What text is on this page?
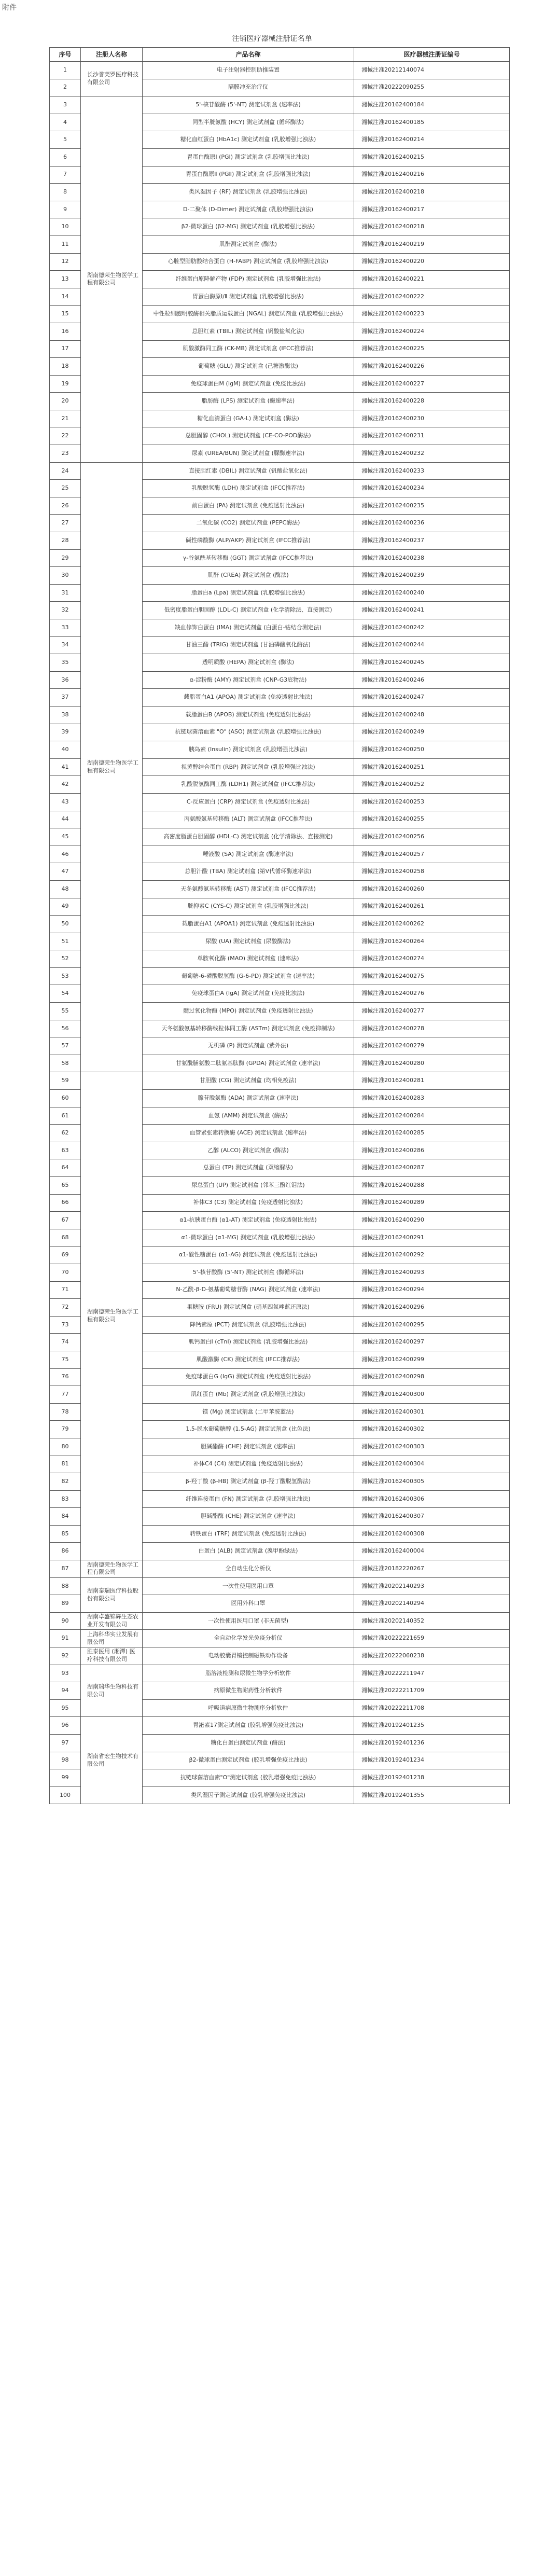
附件
注销医疗器械注册证名单
序号	注册人名称	产品名称	医疗器械注册证编号
1	长沙誉芙罗医疗科技有限公司	电子注射器控制助推装置	湘械注准20212140074
2		隔膜冲充治疗仪	湘械注准20222090255
3	湖南德荣生物医学工程有限公司	5'-核苷酸酶 (5'-NT) 测定试剂盒 (速率法)	湘械注准20162400184
4		同型半胱氨酸 (HCY) 测定试剂盒 (循环酶法)	湘械注准20162400185
5		糖化血红蛋白 (HbA1c) 测定试剂盒 (乳胶增强比浊法)	湘械注准20162400214
6		胃蛋白酶原Ⅰ (PGⅠ) 测定试剂盒 (乳胶增强比浊法)	湘械注准20162400215
7		胃蛋白酶原Ⅱ (PGⅡ) 测定试剂盒 (乳胶增强比浊法)	湘械注准20162400216
8		类风湿因子 (RF) 测定试剂盒 (乳胶增强比浊法)	湘械注准20162400218
9		D-二聚体 (D-Dimer) 测定试剂盒 (乳胶增强比浊法)	湘械注准20162400217
10		β2-微球蛋白 (β2-MG) 测定试剂盒 (乳胶增强比浊法)	湘械注准20162400218
11		肌酐测定试剂盒 (酶法)	湘械注准20162400219
12		心脏型脂肪酸结合蛋白 (H-FABP) 测定试剂盒 (乳胶增强比浊法)	湘械注准20162400220
13		纤维蛋白原降解产物 (FDP) 测定试剂盒 (乳胶增强比浊法)	湘械注准20162400221
14		胃蛋白酶原Ⅰ/Ⅱ 测定试剂盒 (乳胶增强比浊法)	湘械注准20162400222
15		中性粒细胞明胶酶相关脂质运载蛋白 (NGAL) 测定试剂盒 (乳胶增强比浊法)	湘械注准20162400223
16		总胆红素 (TBIL) 测定试剂盒 (钒酸盐氧化法)	湘械注准20162400224
17		肌酸激酶同工酶 (CK-MB) 测定试剂盒 (IFCC推荐法)	湘械注准20162400225
18		葡萄糖 (GLU) 测定试剂盒 (己糖激酶法)	湘械注准20162400226
19		免疫球蛋白M (IgM) 测定试剂盒 (免疫比浊法)	湘械注准20162400227
20		脂肪酶 (LPS) 测定试剂盒 (酶速率法)	湘械注准20162400228
21		糖化血清蛋白 (GA-L) 测定试剂盒 (酶法)	湘械注准20162400230
22		总胆固醇 (CHOL) 测定试剂盒 (CE-CO-POD酶法)	湘械注准20162400231
23		尿素 (UREA/BUN) 测定试剂盒 (脲酶速率法)	湘械注准20162400232
24	湖南德荣生物医学工程有限公司	直接胆红素 (DBIL) 测定试剂盒 (钒酸盐氧化法)	湘械注准20162400233
25		乳酸脱氢酶 (LDH) 测定试剂盒 (IFCC推荐法)	湘械注准20162400234
26		前白蛋白 (PA) 测定试剂盒 (免疫透射比浊法)	湘械注准20162400235
27		二氧化碳 (CO2) 测定试剂盒 (PEPC酶法)	湘械注准20162400236
28		碱性磷酸酶 (ALP/AKP) 测定试剂盒 (IFCC推荐法)	湘械注准20162400237
29		γ-谷氨酰基转移酶 (GGT) 测定试剂盒 (IFCC推荐法)	湘械注准20162400238
30		肌酐 (CREA) 测定试剂盒 (酶法)	湘械注准20162400239
31		脂蛋白a (Lpa) 测定试剂盒 (乳胶增强比浊法)	湘械注准20162400240
32		低密度脂蛋白胆固醇 (LDL-C) 测定试剂盒 (化学清除法、直接测定)	湘械注准20162400241
33		缺血修饰白蛋白 (IMA) 测定试剂盒 (白蛋白-钴结合测定法)	湘械注准20162400242
34		甘油三酯 (TRIG) 测定试剂盒 (甘油磷酸氧化酶法)	湘械注准20162400244
35		透明质酸 (HEPA) 测定试剂盒 (酶法)	湘械注准20162400245
36		α-淀粉酶 (AMY) 测定试剂盒 (CNP-G3底物法)	湘械注准20162400246
37		载脂蛋白A1 (APOA) 测定试剂盒 (免疫透射比浊法)	湘械注准20162400247
38		载脂蛋白B (APOB) 测定试剂盒 (免疫透射比浊法)	湘械注准20162400248
39		抗链球菌溶血素 "O" (ASO) 测定试剂盒 (乳胶增强比浊法)	湘械注准20162400249
40		胰岛素 (Insulin) 测定试剂盒 (乳胶增强比浊法)	湘械注准20162400250
41		视黄醇结合蛋白 (RBP) 测定试剂盒 (乳胶增强比浊法)	湘械注准20162400251
42		乳酸脱氢酶同工酶 (LDH1) 测定试剂盒 (IFCC推荐法)	湘械注准20162400252
43		C-反应蛋白 (CRP) 测定试剂盒 (免疫透射比浊法)	湘械注准20162400253
44		丙氨酸氨基转移酶 (ALT) 测定试剂盒 (IFCC推荐法)	湘械注准20162400255
45		高密度脂蛋白胆固醇 (HDL-C) 测定试剂盒 (化学清除法、直接测定)	湘械注准20162400256
46		唾液酸 (SA) 测定试剂盒 (酶速率法)	湘械注准20162400257
47		总胆汁酸 (TBA) 测定试剂盒 (第Ⅴ代循环酶速率法)	湘械注准20162400258
48		天冬氨酸氨基转移酶 (AST) 测定试剂盒 (IFCC推荐法)	湘械注准20162400260
49		胱抑素C (CYS-C) 测定试剂盒 (乳胶增强比浊法)	湘械注准20162400261
50		载脂蛋白A1 (APOA1) 测定试剂盒 (免疫透射比浊法)	湘械注准20162400262
51		尿酸 (UA) 测定试剂盒 (尿酸酶法)	湘械注准20162400264
52		单胺氧化酶 (MAO) 测定试剂盒 (速率法)	湘械注准20162400274
53		葡萄糖-6-磷酸脱氢酶 (G-6-PD) 测定试剂盒 (速率法)	湘械注准20162400275
54		免疫球蛋白A (IgA) 测定试剂盒 (免疫比浊法)	湘械注准20162400276
55		髓过氧化物酶 (MPO) 测定试剂盒 (免疫透射比浊法)	湘械注准20162400277
56		天冬氨酸氨基转移酶线粒体同工酶 (ASTm) 测定试剂盒 (免疫抑制法)	湘械注准20162400278
57		无机磷 (P) 测定试剂盒 (紫外法)	湘械注准20162400279
58		甘氨酰脯氨酸二肽氨基肽酶 (GPDA) 测定试剂盒 (速率法)	湘械注准20162400280
59	湖南德荣生物医学工程有限公司	甘胆酸 (CG) 测定试剂盒 (均相免疫法)	湘械注准20162400281
60		腺苷脱氨酶 (ADA) 测定试剂盒 (速率法)	湘械注准20162400283
61		血氨 (AMM) 测定试剂盒 (酶法)	湘械注准20162400284
62		血管紧张素转换酶 (ACE) 测定试剂盒 (速率法)	湘械注准20162400285
63		乙醇 (ALCO) 测定试剂盒 (酶法)	湘械注准20162400286
64		总蛋白 (TP) 测定试剂盒 (双缩脲法)	湘械注准20162400287
65		尿总蛋白 (UP) 测定试剂盒 (邻苯三酚红钼法)	湘械注准20162400288
66		补体C3 (C3) 测定试剂盒 (免疫透射比浊法)	湘械注准20162400289
67		α1-抗胰蛋白酶 (α1-AT) 测定试剂盒 (免疫透射比浊法)	湘械注准20162400290
68		α1-微球蛋白 (α1-MG) 测定试剂盒 (乳胶增强比浊法)	湘械注准20162400291
69		α1-酸性糖蛋白 (α1-AG) 测定试剂盒 (免疫透射比浊法)	湘械注准20162400292
70		5'-核苷酸酶 (5'-NT) 测定试剂盒 (酶循环法)	湘械注准20162400293
71		N-乙酰-β-D-氨基葡萄糖苷酶 (NAG) 测定试剂盒 (速率法)	湘械注准20162400294
72		果糖胺 (FRU) 测定试剂盒 (硝基四氮唑蓝还原法)	湘械注准20162400296
73		降钙素原 (PCT) 测定试剂盒 (乳胶增强比浊法)	湘械注准20162400295
74		肌钙蛋白I (cTnI) 测定试剂盒 (乳胶增强比浊法)	湘械注准20162400297
75		肌酸激酶 (CK) 测定试剂盒 (IFCC推荐法)	湘械注准20162400299
76		免疫球蛋白G (IgG) 测定试剂盒 (免疫透射比浊法)	湘械注准20162400298
77		肌红蛋白 (Mb) 测定试剂盒 (乳胶增强比浊法)	湘械注准20162400300
78		镁 (Mg) 测定试剂盒 (二甲苯胺蓝法)	湘械注准20162400301
79		1,5-脱水葡萄糖醇 (1,5-AG) 测定试剂盒 (比色法)	湘械注准20162400302
80		胆碱酯酶 (CHE) 测定试剂盒 (速率法)	湘械注准20162400303
81		补体C4 (C4) 测定试剂盒 (免疫透射比浊法)	湘械注准20162400304
82		β-羟丁酸 (β-HB) 测定试剂盒 (β-羟丁酸脱氢酶法)	湘械注准20162400305
83		纤维连接蛋白 (FN) 测定试剂盒 (乳胶增强比浊法)	湘械注准20162400306
84		胆碱酯酶 (CHE) 测定试剂盒 (速率法)	湘械注准20162400307
85		转铁蛋白 (TRF) 测定试剂盒 (免疫透射比浊法)	湘械注准20162400308
86		白蛋白 (ALB) 测定试剂盒 (溴甲酚绿法)	湘械注准20162400004
87	湖南德荣生物医学工程有限公司	全自动生化分析仪	湘械注准20182220267
88	湖南泰瑞医疗科技股份有限公司	一次性使用医用口罩	湘械注准20202140293
89		医用外科口罩	湘械注准20202140294
90	湖南卓盛锦辉生态农业开发有限公司	一次性使用医用口罩 (非无菌型)	湘械注准20202140352
91	上海科华实业发展有限公司	全自动化学发光免疫分析仪	湘械注准20222221659
92	胜泰医用 (湘潭) 医疗科技有限公司	电动胶囊胃镜控制磁铁动作设备	湘械注准20222060238
93	湖南瑞华生物科技有限公司	脂溶液检测和尿微生物学分析软件	湘械注准20222211947
94		病原微生物耐药性分析软件	湘械注准20222211709
95		呼吸道病原微生物测序分析软件	湘械注准20222211708
96	湖南省宏生物技术有限公司	胃泌素17测定试剂盒 (胶乳增强免疫比浊法)	湘械注准20192401235
97		糖化白蛋白测定试剂盒 (酶法)	湘械注准20192401236
98		β2-微球蛋白测定试剂盒 (胶乳增强免疫比浊法)	湘械注准20192401234
99		抗链球菌溶血素"O"测定试剂盒 (胶乳增强免疫比浊法)	湘械注准20192401238
100		类风湿因子测定试剂盒 (胶乳增强免疫比浊法)	湘械注准20192401355
